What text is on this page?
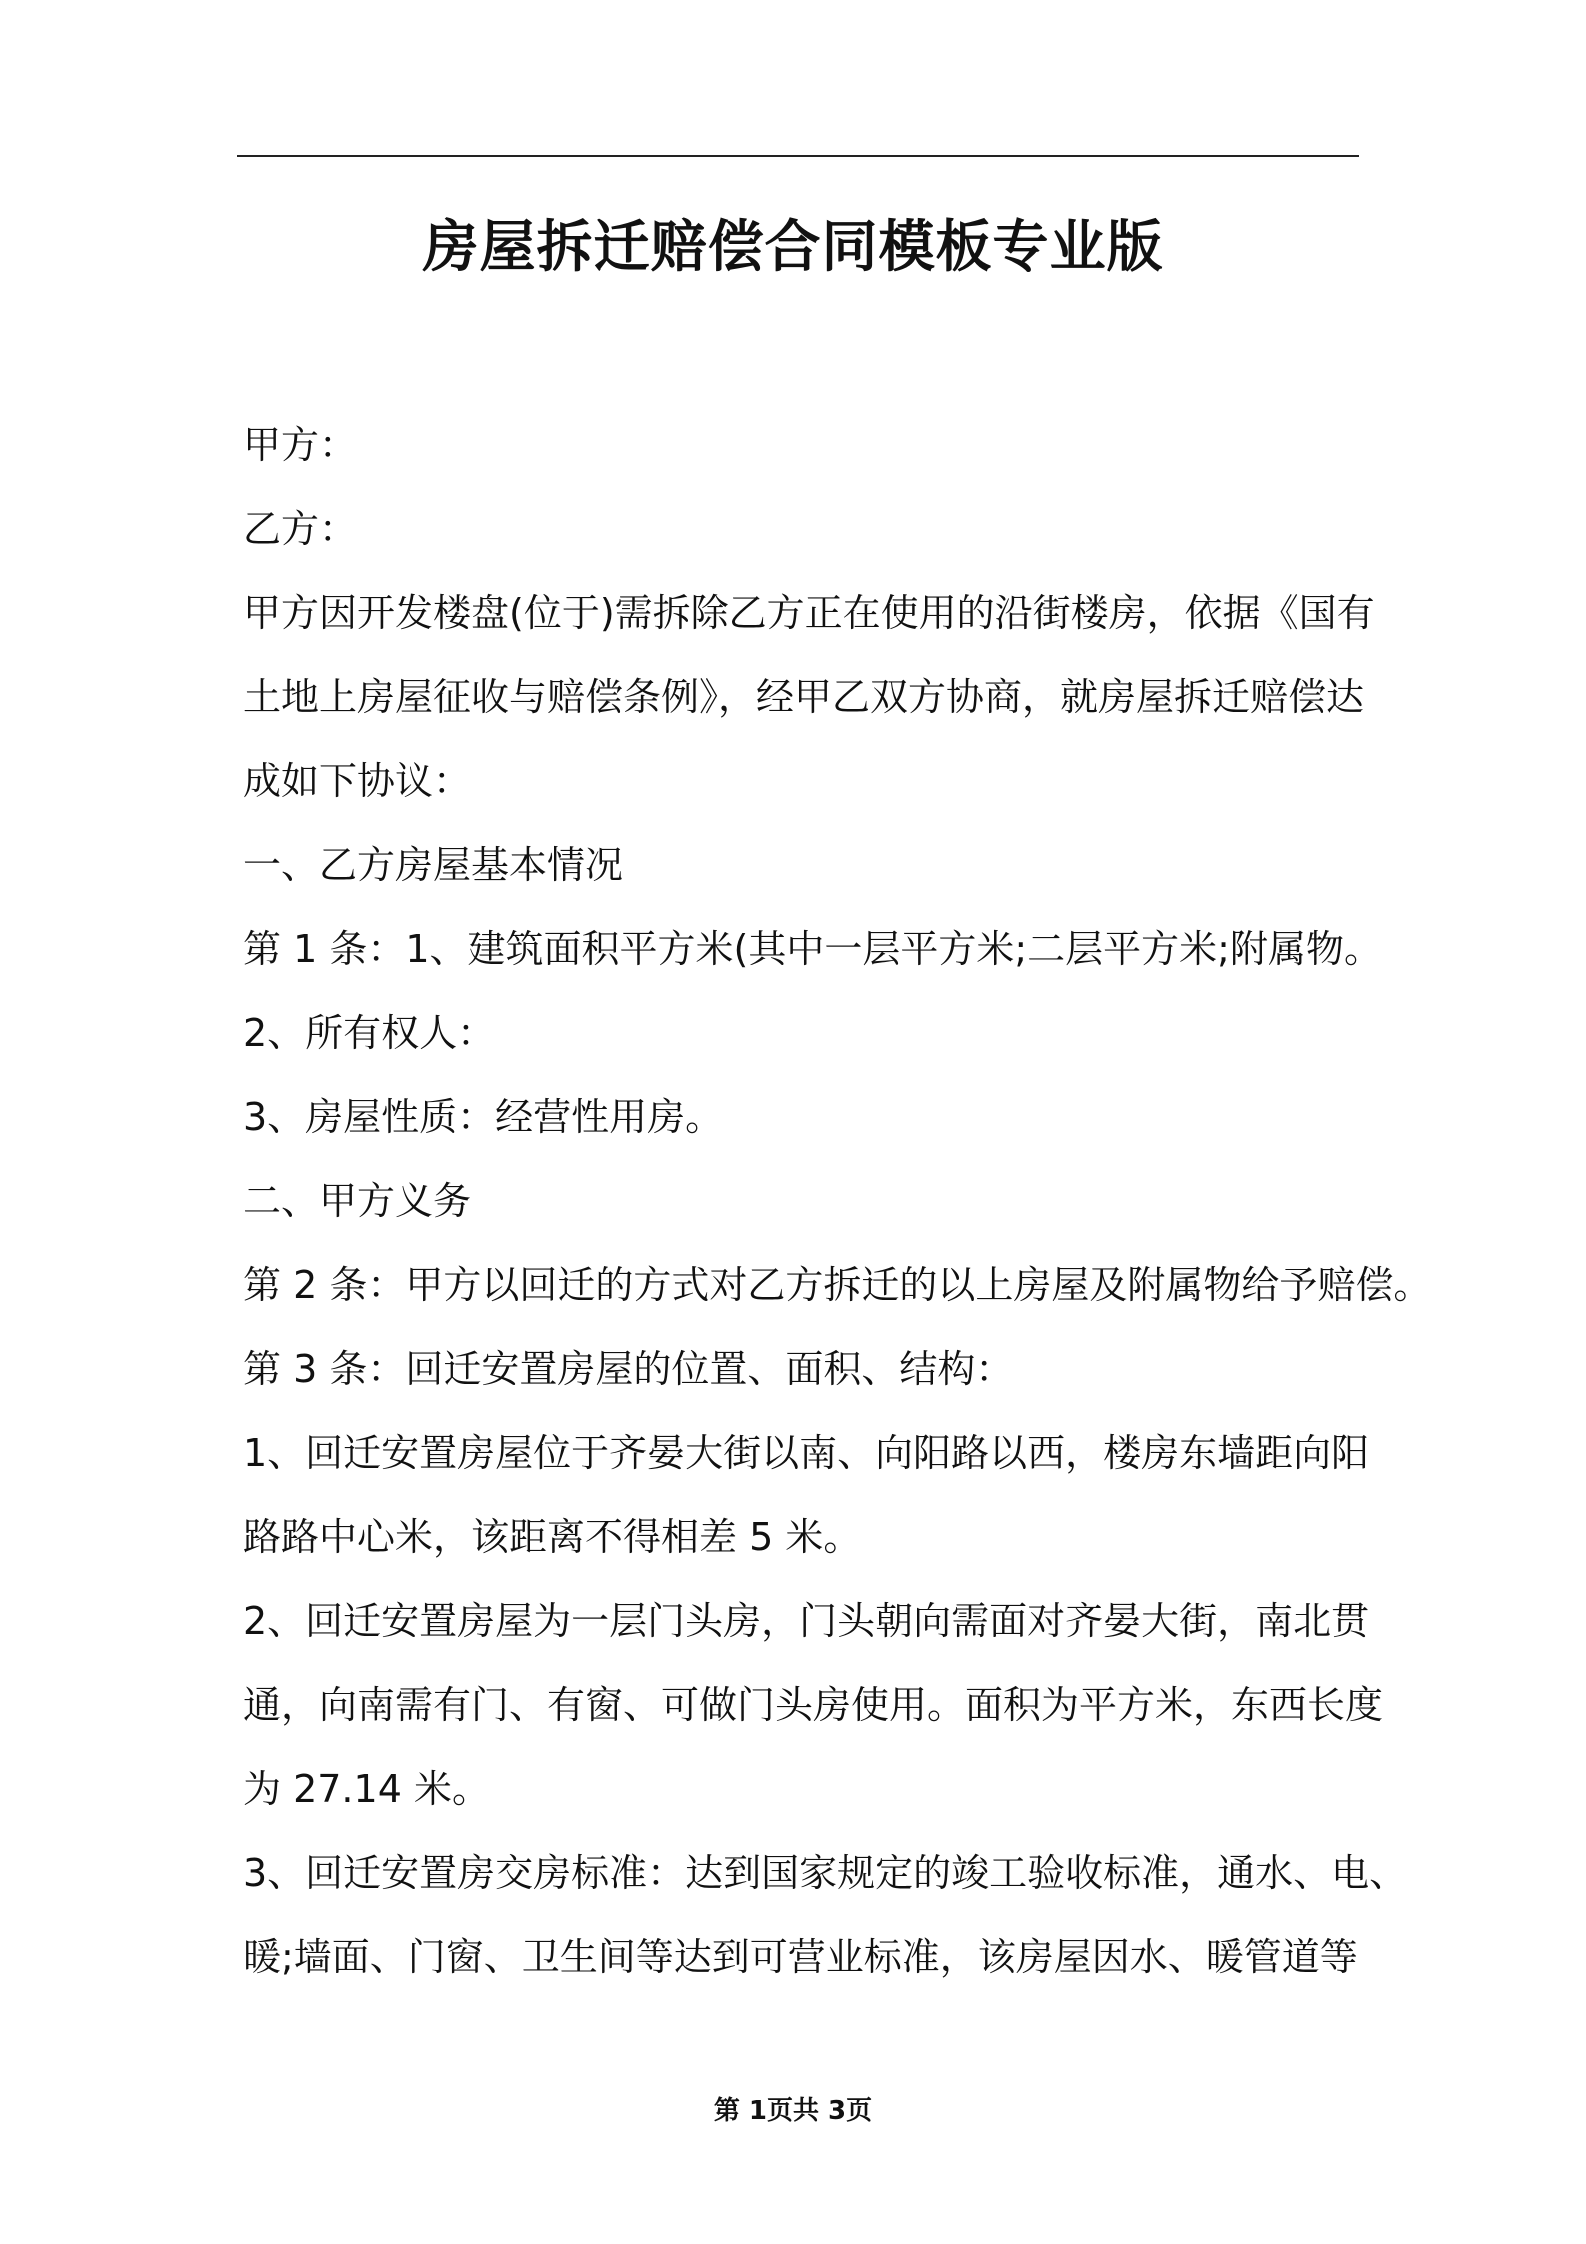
房屋拆迁赔偿合同模板专业版
甲方：
乙方：
甲方因开发楼盘(位于)需拆除乙方正在使用的沿街楼房，依据《国有
土地上房屋征收与赔偿条例》，经甲乙双方协商，就房屋拆迁赔偿达
成如下协议：
一、乙方房屋基本情况
第 1 条：1、建筑面积平方米(其中一层平方米;二层平方米;附属物。
2、所有权人：
3、房屋性质：经营性用房。
二、甲方义务
第 2 条：甲方以回迁的方式对乙方拆迁的以上房屋及附属物给予赔偿。
第 3 条：回迁安置房屋的位置、面积、结构：
1、回迁安置房屋位于齐晏大街以南、向阳路以西，楼房东墙距向阳
路路中心米，该距离不得相差 5 米。
2、回迁安置房屋为一层门头房，门头朝向需面对齐晏大街，南北贯
通，向南需有门、有窗、可做门头房使用。面积为平方米，东西长度
为 27.14 米。
3、回迁安置房交房标准：达到国家规定的竣工验收标准，通水、电、
暖;墙面、门窗、卫生间等达到可营业标准，该房屋因水、暖管道等
第 1页共 3页
